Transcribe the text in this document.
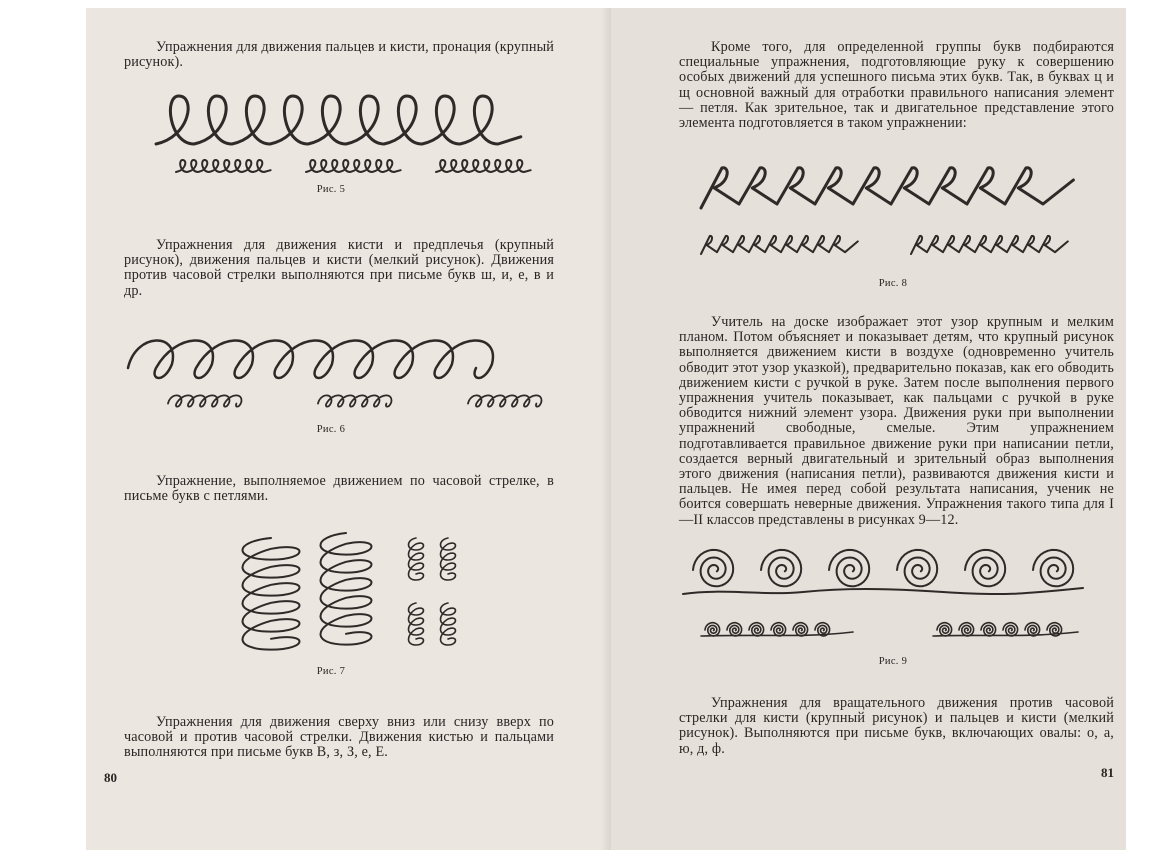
Упражнения для движения пальцев и кисти, пронация (крупный рисунок).
Рис. 5
Упражнения для движения кисти и предплечья (крупный рисунок), движения пальцев и кисти (мелкий рисунок). Движения против часовой стрелки выполняются при письме букв ш, и, е, в и др.
Рис. 6
Упражнение, выполняемое движением по часовой стрелке, в письме букв с петлями.
Рис. 7
Упражнения для движения сверху вниз или снизу вверх по часовой и против часовой стрелки. Движения кистью и пальцами выполняются при письме букв В, з, З, е, Е.
80
Кроме того, для определенной группы букв подбираются специальные упражнения, подготовляющие руку к совершению особых движений для успешного письма этих букв. Так, в буквах ц и щ основной важный для отработки правильного написания элемент — петля. Как зрительное, так и двигательное представление этого элемента подготовляется в таком упражнении:
Рис. 8
Учитель на доске изображает этот узор крупным и мелким планом. Потом объясняет и показывает детям, что крупный рисунок выполняется движением кисти в воздухе (одновременно учитель обводит этот узор указкой), предварительно показав, как его обводить движением кисти с ручкой в руке. Затем после выполнения первого упражнения учитель показывает, как пальцами с ручкой в руке обводится нижний элемент узора. Движения руки при выполнении упражнений свободные, смелые. Этим упражнением подготавливается правильное движение руки при написании петли, создается верный двигательный и зрительный образ выполнения этого движения (написания петли), развиваются движения кисти и пальцев. Не имея перед собой результата написания, ученик не боится совершать неверные движения. Упражнения такого типа для I—II классов представлены в рисунках 9—12.
Рис. 9
Упражнения для вращательного движения против часовой стрелки для кисти (крупный рисунок) и пальцев и кисти (мелкий рисунок). Выполняются при письме букв, включающих овалы: о, а, ю, д, ф.
81
